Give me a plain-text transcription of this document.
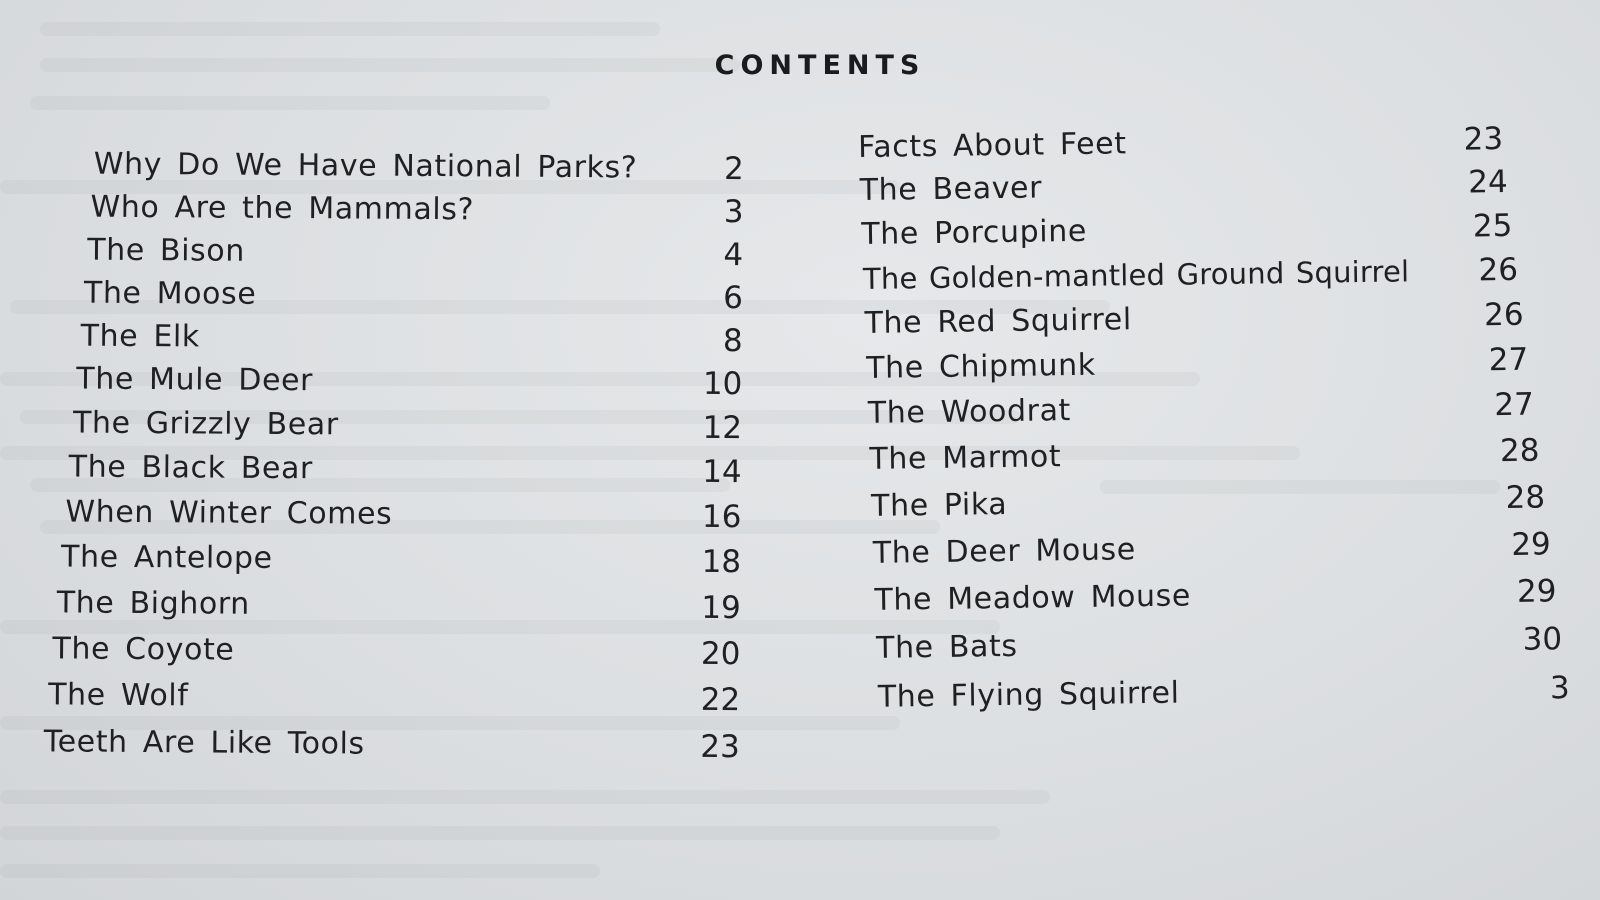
CONTENTS
Why Do We Have National Parks?	2
Who Are the Mammals?	3
The Bison	4
The Moose	6
The Elk	8
The Mule Deer	10
The Grizzly Bear	12
The Black Bear	14
When Winter Comes	16
The Antelope	18
The Bighorn	19
The Coyote	20
The Wolf	22
Teeth Are Like Tools	23
Facts About Feet	23
The Beaver	24
The Porcupine	25
The Golden-mantled Ground Squirrel	26
The Red Squirrel	26
The Chipmunk	27
The Woodrat	27
The Marmot	28
The Pika	28
The Deer Mouse	29
The Meadow Mouse	29
The Bats	30
The Flying Squirrel	3
